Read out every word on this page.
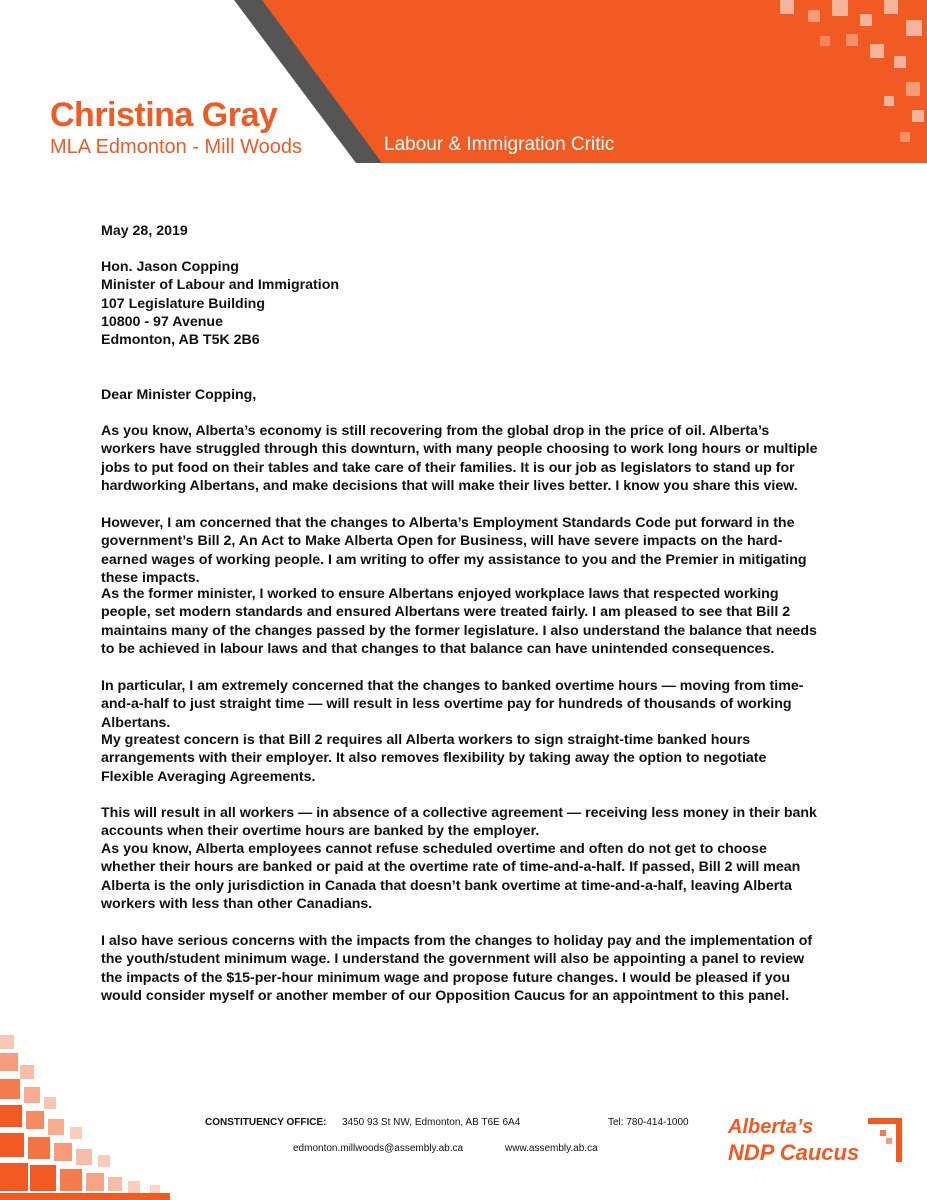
Christina Gray
MLA Edmonton - Mill Woods	Labour & Immigration Critic
May 28, 2019

Hon. Jason Copping

Minister of Labour and Immigration

107 Legislature Building

10800 - 97 Avenue

Edmonton, AB T5K 2B6

Dear Minister Copping,
As you know, Alberta’s economy is still recovering from the global drop in the price of oil. Alberta’s workers have struggled through this downturn, with many people choosing to work long hours or multiple jobs to put food on their tables and take care of their families. It is our job as legislators to stand up for hardworking Albertans, and make decisions that will make their lives better. I know you share this view.
However, I am concerned that the changes to Alberta’s Employment Standards Code put forward in the government’s Bill 2, An Act to Make Alberta Open for Business, will have severe impacts on the hard-earned wages of working people. I am writing to offer my assistance to you and the Premier in mitigating these impacts.
As the former minister, I worked to ensure Albertans enjoyed workplace laws that respected working people, set modern standards and ensured Albertans were treated fairly. I am pleased to see that Bill 2 maintains many of the changes passed by the former legislature. I also understand the balance that needs to be achieved in labour laws and that changes to that balance can have unintended consequences.
In particular, I am extremely concerned that the changes to banked overtime hours — moving from time-and-a-half to just straight time — will result in less overtime pay for hundreds of thousands of working Albertans.
My greatest concern is that Bill 2 requires all Alberta workers to sign straight-time banked hours arrangements with their employer. It also removes flexibility by taking away the option to negotiate Flexible Averaging Agreements.
This will result in all workers — in absence of a collective agreement — receiving less money in their bank accounts when their overtime hours are banked by the employer.
As you know, Alberta employees cannot refuse scheduled overtime and often do not get to choose whether their hours are banked or paid at the overtime rate of time-and-a-half. If passed, Bill 2 will mean Alberta is the only jurisdiction in Canada that doesn’t bank overtime at time-and-a-half, leaving Alberta workers with less than other Canadians.
I also have serious concerns with the impacts from the changes to holiday pay and the implementation of the youth/student minimum wage. I understand the government will also be appointing a panel to review the impacts of the $15-per-hour minimum wage and propose future changes. I would be pleased if you would consider myself or another member of our Opposition Caucus for an appointment to this panel.
CONSTITUENCY OFFICE: 3450 93 St NW, Edmonton, AB T6E 6A4	Tel: 780-414-1000
edmonton.millwoods@assembly.ab.ca	www.assembly.ab.ca
Alberta’s
NDP Caucus
